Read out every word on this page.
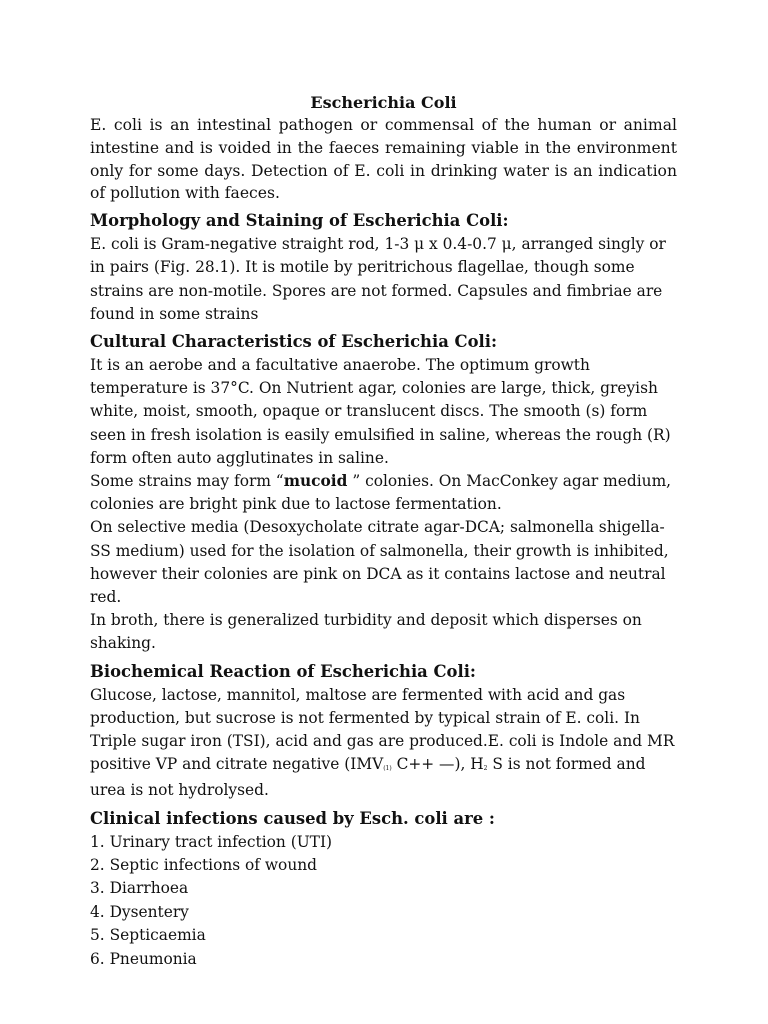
Escherichia Coli

E. coli is an intestinal pathogen or commensal of the human or animal intestine and is voided in the faeces remaining viable in the environment only for some days. Detection of E. coli in drinking water is an indication of pollution with faeces.

Morphology and Staining of Escherichia Coli:

E. coli is Gram-negative straight rod, 1-3 μ x 0.4-0.7 μ, arranged singly or in pairs (Fig. 28.1). It is motile by peritrichous flagellae, though some strains are non-motile. Spores are not formed. Capsules and fimbriae are found in some strains

Cultural Characteristics of Escherichia Coli:

It is an aerobe and a facultative anaerobe. The optimum growth temperature is 37°C. On Nutrient agar, colonies are large, thick, greyish white, moist, smooth, opaque or translucent discs. The smooth (s) form seen in fresh isolation is easily emulsified in saline, whereas the rough (R) form often auto agglutinates in saline.

Some strains may form “mucoid ” colonies. On MacConkey agar medium, colonies are bright pink due to lactose fermentation.

On selective media (Desoxycholate citrate agar-DCA; salmonella shigella-SS medium) used for the isolation of salmonella, their growth is inhibited, however their colonies are pink on DCA as it contains lactose and neutral red.

In broth, there is generalized turbidity and deposit which disperses on shaking.

Biochemical Reaction of Escherichia Coli:

Glucose, lactose, mannitol, maltose are fermented with acid and gas production, but sucrose is not fermented by typical strain of E. coli. In Triple sugar iron (TSI), acid and gas are produced.E. coli is Indole and MR positive VP and citrate negative ($IMV_{(1)}$ C++ —), $H_2$ S is not formed and urea is not hydrolysed.

Clinical infections caused by Esch. coli are :
1. Urinary tract infection (UTI)
2. Septic infections of wound
3. Diarrhoea
4. Dysentery
5. Septicaemia
6. Pneumonia
